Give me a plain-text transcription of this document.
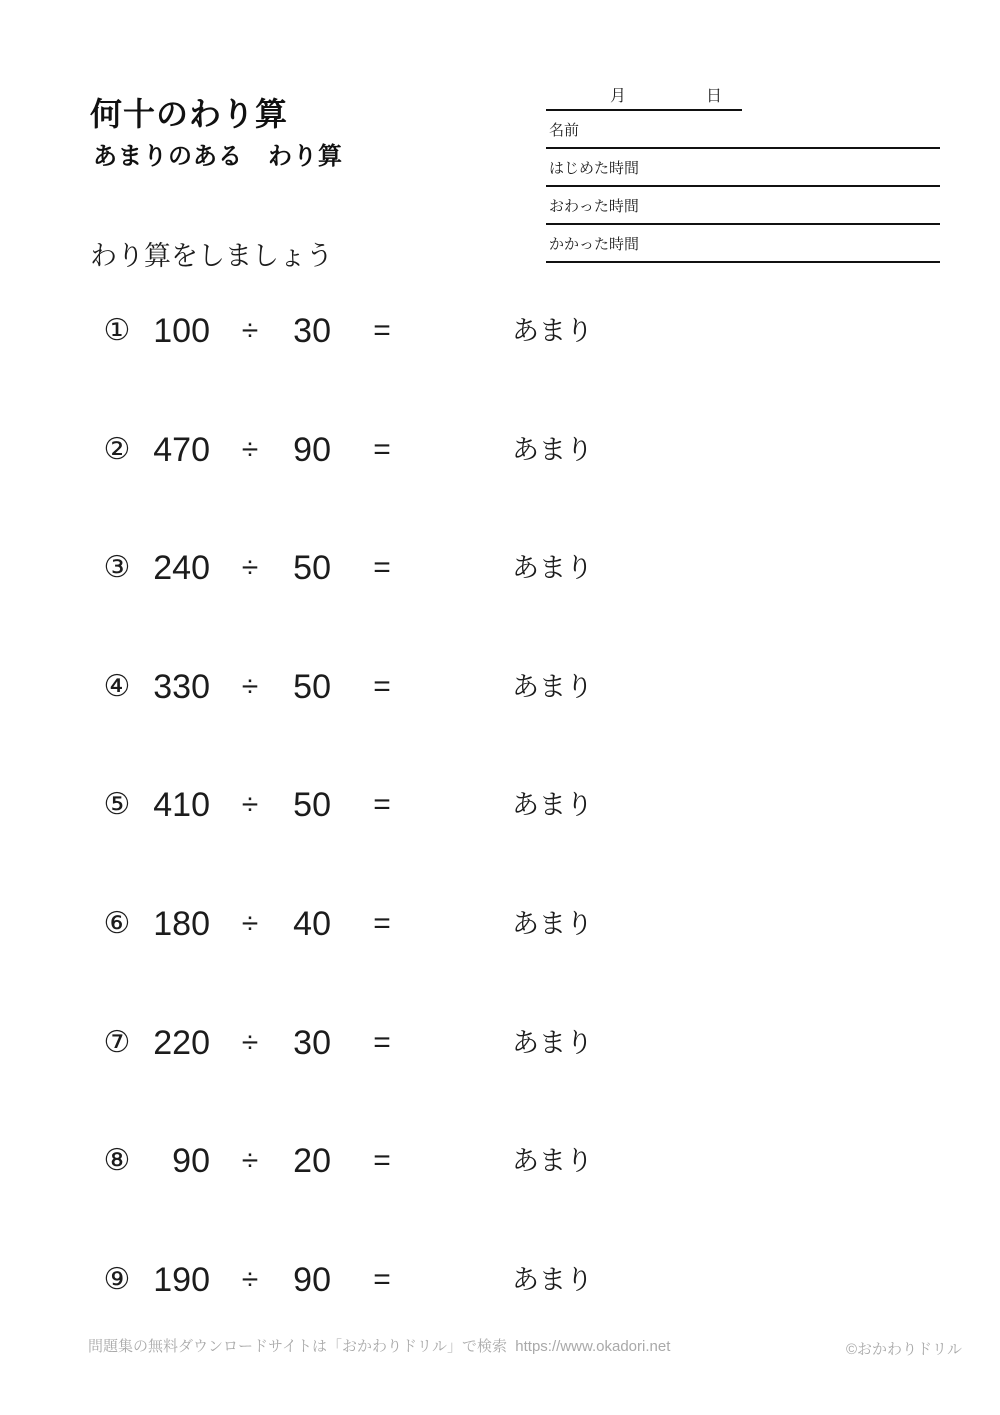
何十のわり算
あまりのある　わり算
月	日
名前
はじめた時間
おわった時間
かかった時間
わり算をしましょう
① 100	÷	30	=	あまり
② 470	÷	90	=	あまり
③ 240	÷	50	=	あまり
④ 330	÷	50	=	あまり
⑤ 410	÷	50	=	あまり
⑥ 180	÷	40	=	あまり
⑦ 220	÷	30	=	あまり
⑧	90	÷	20	=	あまり
⑨ 190	÷	90	=	あまり
問題集の無料ダウンロードサイトは「おかわりドリル」で検索  https://www.okadori.net	©おかわりドリル
